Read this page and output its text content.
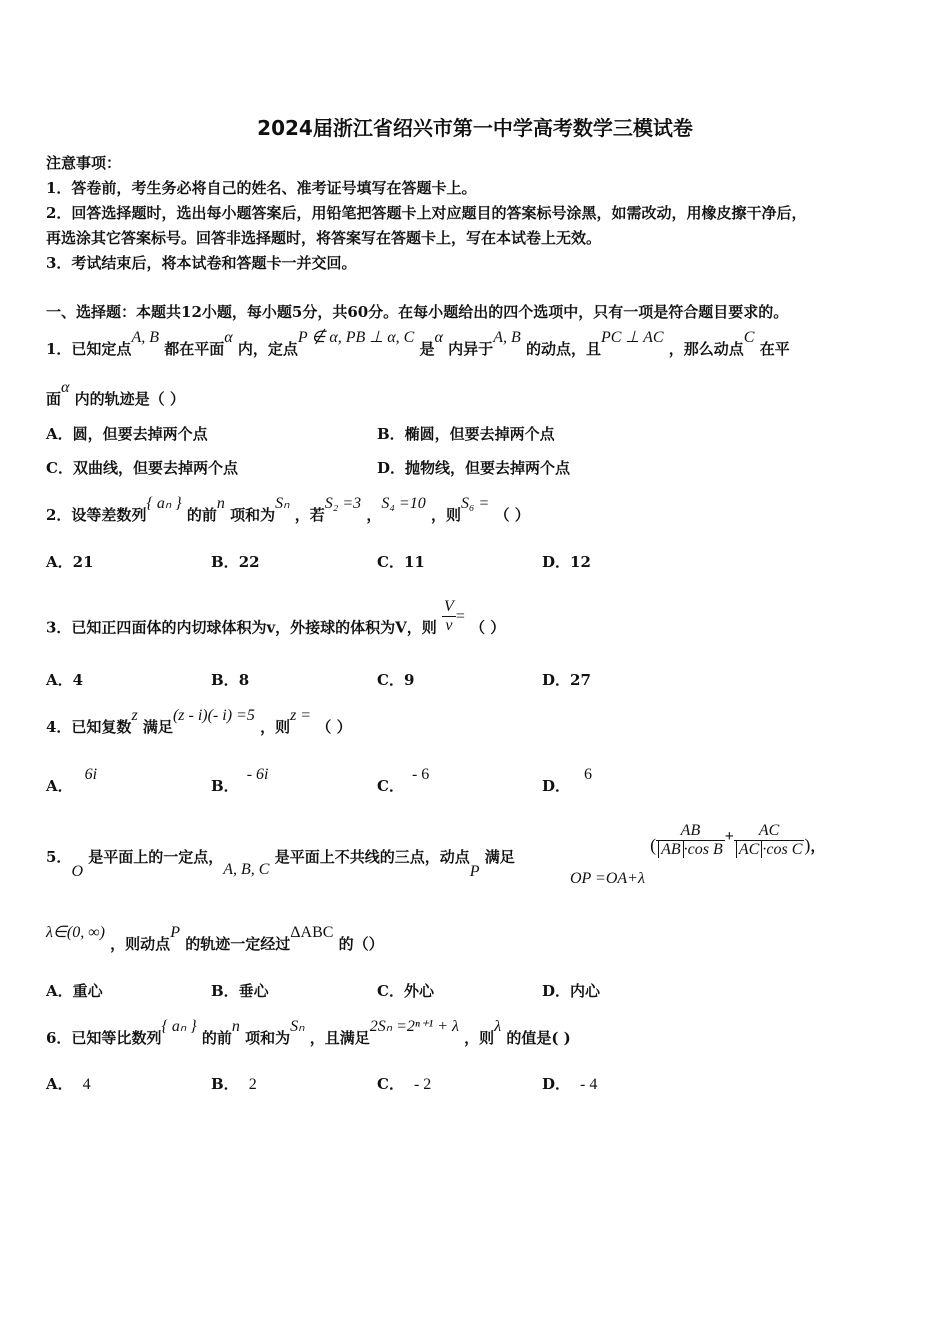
2024届浙江省绍兴市第一中学高考数学三模试卷
注意事项：
1．答卷前，考生务必将自己的姓名、准考证号填写在答题卡上。
2．回答选择题时，选出每小题答案后，用铅笔把答题卡上对应题目的答案标号涂黑，如需改动，用橡皮擦干净后，
再选涂其它答案标号。回答非选择题时，将答案写在答题卡上，写在本试卷上无效。
3．考试结束后，将本试卷和答题卡一并交回。
一、选择题：本题共12小题，每小题5分，共60分。在每小题给出的四个选项中，只有一项是符合题目要求的。
1．已知定点A, B 都在平面α 内，定点P ∉ α, PB ⊥ α, C 是α 内异于A, B 的动点，且PC ⊥ AC ，那么动点C 在平
面α 内的轨迹是（ ）
A．圆，但要去掉两个点	B．椭圆，但要去掉两个点
C．双曲线，但要去掉两个点	D．抛物线，但要去掉两个点
2．设等差数列{ aₙ } 的前n 项和为Sₙ ，若S₂ =3 ，S₄ =10 ，则S₆ = （ ）
A．21	B．22	C．11	D．12
3．已知正四面体的内切球体积为v，外接球的体积为V，则 $\frac{V}{v}$ = （ ）
A．4	B．8	C．9	D．27
4．已知复数z 满足(z - i)(- i) =5 ，则z = （ ）
A．6i
B．- 6i
C．- 6
D．6
5．O 是平面上的一定点，A, B, C 是平面上不共线的三点，动点P 满足
OP =OA+λ ( $\frac{AB}{\text{AB ·cos B}} + \frac{AC}{\text{AC ·cos C}}$ )，
λ∈(0, ∞) ，则动点P 的轨迹一定经过ΔABC 的（）
A．重心	B．垂心	C．外心	D．内心
6．已知等比数列{ aₙ } 的前n 项和为Sₙ ，且满足2Sₙ =2ⁿ⁺¹ + λ ，则λ 的值是( )
A． 4	B． 2	C． - 2	D． - 4
